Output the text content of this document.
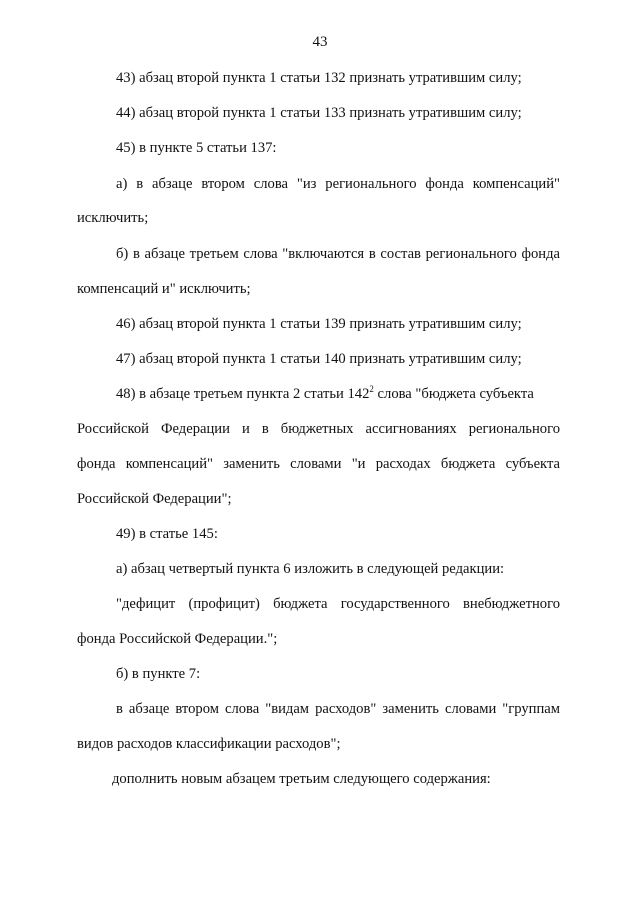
43
43) абзац второй пункта 1 статьи 132 признать утратившим силу;
44) абзац второй пункта 1 статьи 133 признать утратившим силу;
45) в пункте 5 статьи 137:
а) в абзаце втором слова "из регионального фонда компенсаций"
исключить;
б) в абзаце третьем слова "включаются в состав регионального фонда
компенсаций и" исключить;
46) абзац второй пункта 1 статьи 139 признать утратившим силу;
47) абзац второй пункта 1 статьи 140 признать утратившим силу;
48) в абзаце третьем пункта 2 статьи $142^2$ слова "бюджета субъекта
Российской Федерации и в бюджетных ассигнованиях регионального
фонда компенсаций" заменить словами "и расходах бюджета субъекта
Российской Федерации";
49) в статье 145:
а) абзац четвертый пункта 6 изложить в следующей редакции:
"дефицит (профицит) бюджета государственного внебюджетного
фонда Российской Федерации.";
б) в пункте 7:
в абзаце втором слова "видам расходов" заменить словами "группам
видов расходов классификации расходов";
дополнить новым абзацем третьим следующего содержания:
